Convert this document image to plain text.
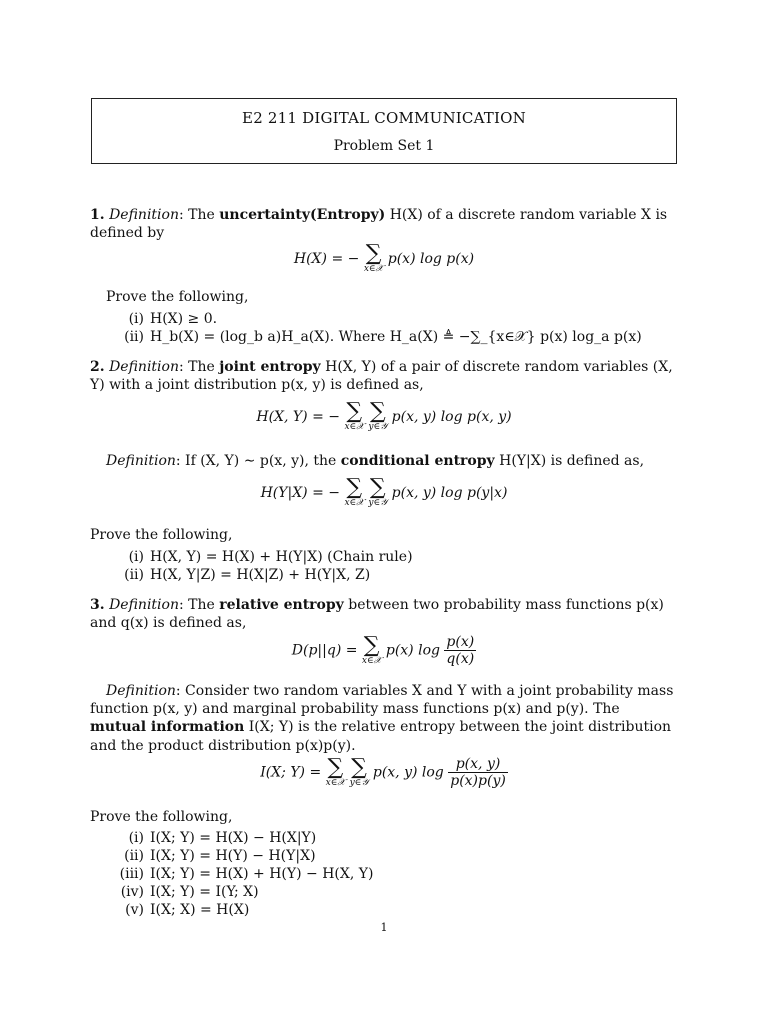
E2 211 DIGITAL COMMUNICATION
Problem Set 1
1. Definition: The uncertainty(Entropy) H(X) of a discrete random variable X is defined by
H(X) = − ∑
x∈𝒳
p(x) log p(x)
Prove the following,
(i) H(X) ≥ 0.
(ii) H_b(X) = (log_b a)H_a(X). Where H_a(X) ≜ −∑_{x∈𝒳} p(x) log_a p(x)
2. Definition: The joint entropy H(X, Y) of a pair of discrete random variables (X, Y) with a joint distribution p(x, y) is defined as,
H(X, Y) = − ∑
x∈𝒳

∑
y∈𝒴
p(x, y) log p(x, y)
Definition: If (X, Y) ∼ p(x, y), the conditional entropy H(Y|X) is defined as,
H(Y|X) = − ∑
x∈𝒳

∑
y∈𝒴
p(x, y) log p(y|x)
Prove the following,
(i) H(X, Y) = H(X) + H(Y|X) (Chain rule)
(ii) H(X, Y|Z) = H(X|Z) + H(Y|X, Z)
3. Definition: The relative entropy between two probability mass functions p(x) and q(x) is defined as,
D(p||q) = ∑
x∈𝒳
p(x) $\log \frac{p(x)}{q(x)}$
Definition: Consider two random variables X and Y with a joint probability mass function p(x, y) and marginal probability mass functions p(x) and p(y). The mutual information I(X; Y) is the relative entropy between the joint distribution and the product distribution p(x)p(y).
I(X; Y) = ∑
x∈𝒳

∑
y∈𝒴
p(x, y) $\log \frac{p(x, y)}{p(x)p(y)}$
Prove the following,
(i) I(X; Y) = H(X) − H(X|Y)
(ii) I(X; Y) = H(Y) − H(Y|X)
(iii) I(X; Y) = H(X) + H(Y) − H(X, Y)
(iv) I(X; Y) = I(Y; X)
(v) I(X; X) = H(X)
1
